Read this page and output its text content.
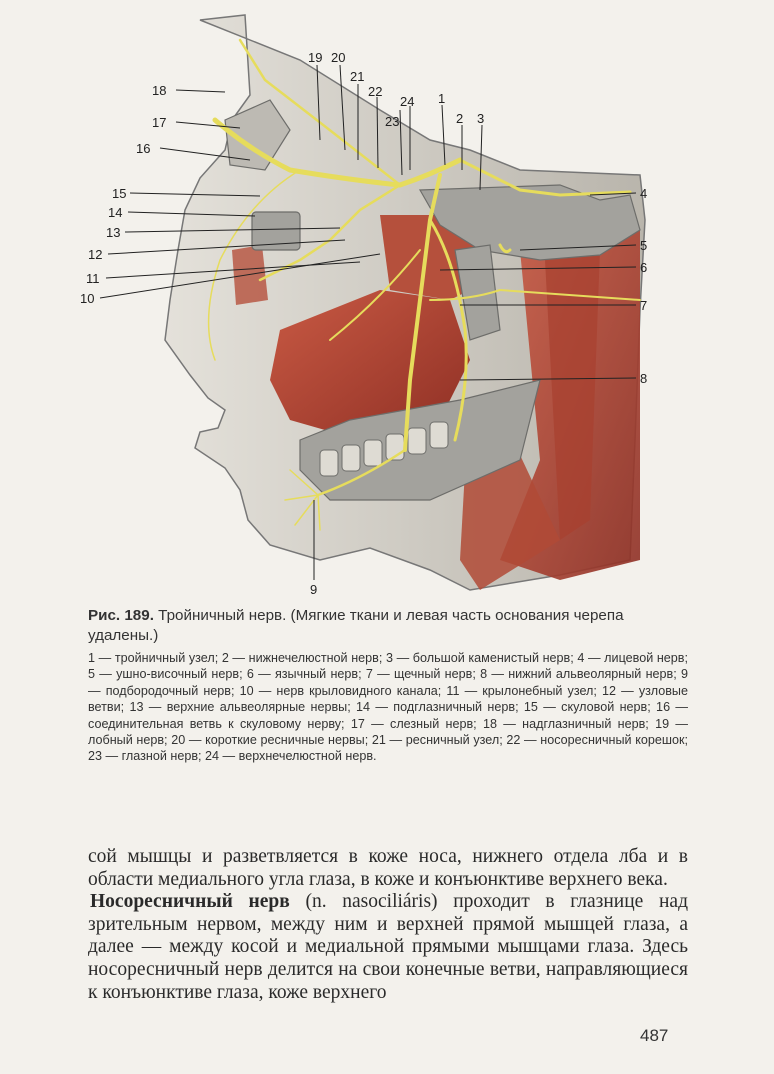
18
17
16
15
14
13
12
11
10
19 20
21
22
24 1
23	2 3
4
5
6
7
8
9
Рис. 189. Тройничный нерв. (Мягкие ткани и левая часть основания черепа удалены.)
1 — тройничный узел; 2 — нижнечелюстной нерв; 3 — большой каменистый нерв; 4 — лицевой нерв; 5 — ушно-височный нерв; 6 — язычный нерв; 7 — щечный нерв; 8 — нижний альвеолярный нерв; 9 — подбородочный нерв; 10 — нерв крыловидного канала; 11 — крылонебный узел; 12 — узловые ветви; 13 — верхние альвеолярные нервы; 14 — подглазничный нерв; 15 — скуловой нерв; 16 — соединительная ветвь к скуловому нерву; 17 — слезный нерв; 18 — надглазничный нерв; 19 — лобный нерв; 20 — короткие ресничные нервы; 21 — ресничный узел; 22 — носоресничный корешок; 23 — глазной нерв; 24 — верхнечелюстной нерв.

сой мышцы и разветвляется в коже носа, нижнего отдела лба и в области медиального угла глаза, в коже и конъюнктиве верхнего века.

Носоресничный нерв (n. nasociliáris) проходит в глазнице над зрительным нервом, между ним и верхней прямой мышцей глаза, а далее — между косой и медиальной прямыми мышцами глаза. Здесь носоресничный нерв делится на свои конечные ветви, направляющиеся к конъюнктиве глаза, коже верхнего

487
